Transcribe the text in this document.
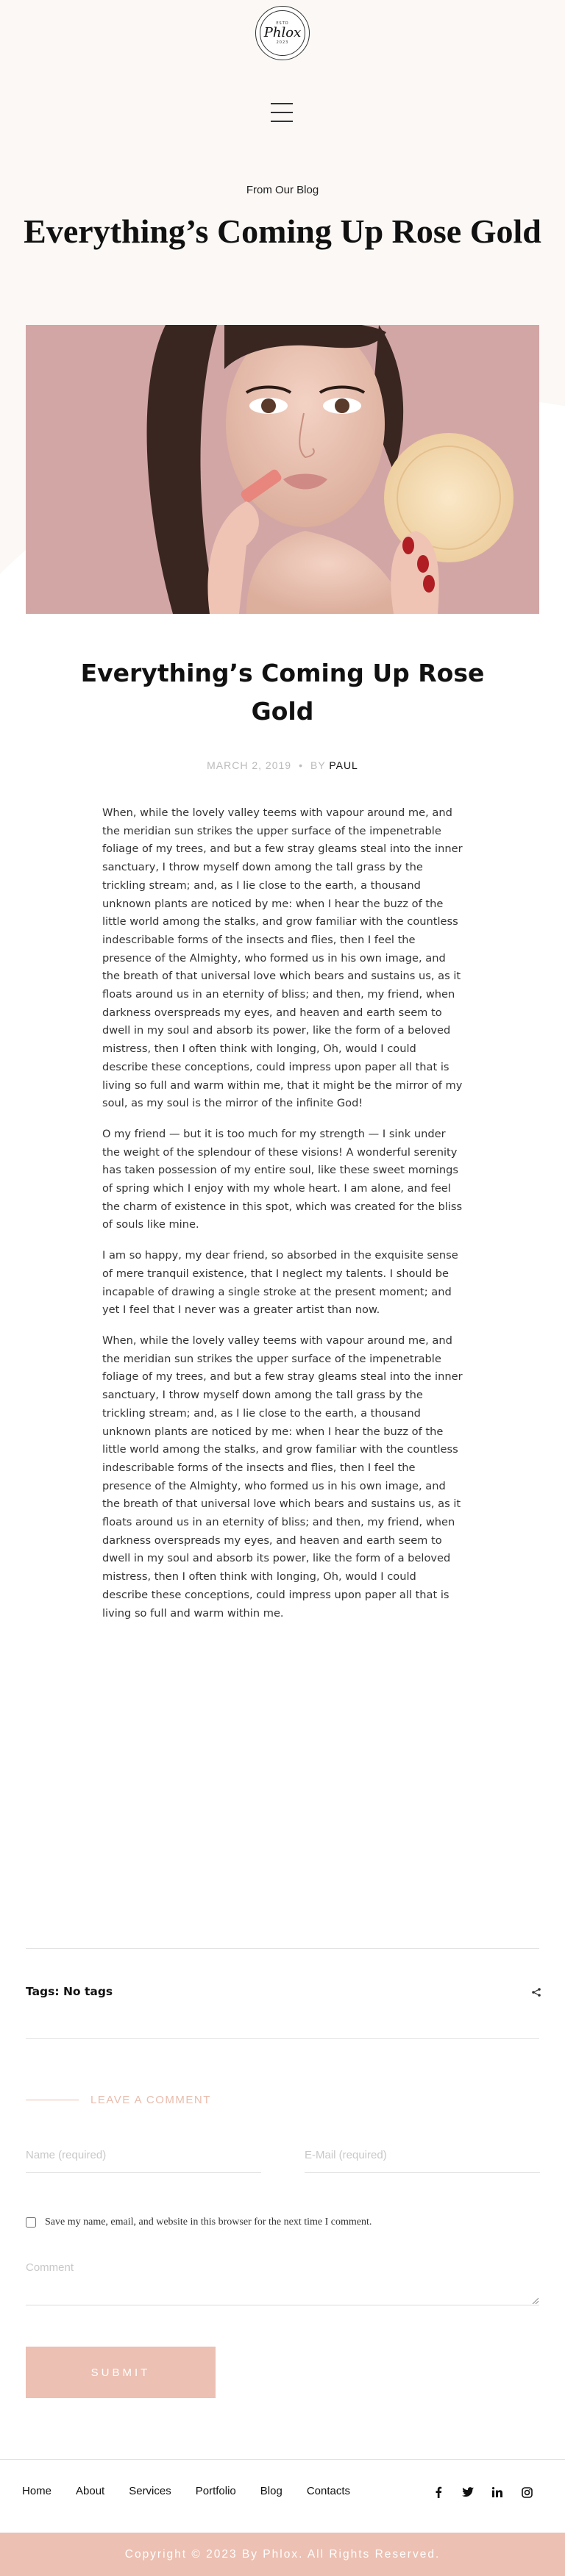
ESTD
Phlox
2023
From Our Blog
Everything’s Coming Up Rose Gold
Everything’s Coming Up Rose Gold
MARCH 2, 2019 • BY PAUL

When, while the lovely valley teems with vapour around me, and the meridian sun strikes the upper surface of the impenetrable foliage of my trees, and but a few stray gleams steal into the inner sanctuary, I throw myself down among the tall grass by the trickling stream; and, as I lie close to the earth, a thousand unknown plants are noticed by me: when I hear the buzz of the little world among the stalks, and grow familiar with the countless indescribable forms of the insects and flies, then I feel the presence of the Almighty, who formed us in his own image, and the breath of that universal love which bears and sustains us, as it floats around us in an eternity of bliss; and then, my friend, when darkness overspreads my eyes, and heaven and earth seem to dwell in my soul and absorb its power, like the form of a beloved mistress, then I often think with longing, Oh, would I could describe these conceptions, could impress upon paper all that is living so full and warm within me, that it might be the mirror of my soul, as my soul is the mirror of the infinite God!

O my friend — but it is too much for my strength — I sink under the weight of the splendour of these visions! A wonderful serenity has taken possession of my entire soul, like these sweet mornings of spring which I enjoy with my whole heart. I am alone, and feel the charm of existence in this spot, which was created for the bliss of souls like mine.

I am so happy, my dear friend, so absorbed in the exquisite sense of mere tranquil existence, that I neglect my talents. I should be incapable of drawing a single stroke at the present moment; and yet I feel that I never was a greater artist than now.

When, while the lovely valley teems with vapour around me, and the meridian sun strikes the upper surface of the impenetrable foliage of my trees, and but a few stray gleams steal into the inner sanctuary, I throw myself down among the tall grass by the trickling stream; and, as I lie close to the earth, a thousand unknown plants are noticed by me: when I hear the buzz of the little world among the stalks, and grow familiar with the countless indescribable forms of the insects and flies, then I feel the presence of the Almighty, who formed us in his own image, and the breath of that universal love which bears and sustains us, as it floats around us in an eternity of bliss; and then, my friend, when darkness overspreads my eyes, and heaven and earth seem to dwell in my soul and absorb its power, like the form of a beloved mistress, then I often think with longing, Oh, would I could describe these conceptions, could impress upon paper all that is living so full and warm within me.

Tags: No tags
LEAVE A COMMENT
Name (required)
E-Mail (required)
Save my name, email, and website in this browser for the next time I comment.
Comment
SUBMIT
Home About Services Portfolio Blog Contacts
Copyright © 2023 By Phlox. All Rights Reserved.
